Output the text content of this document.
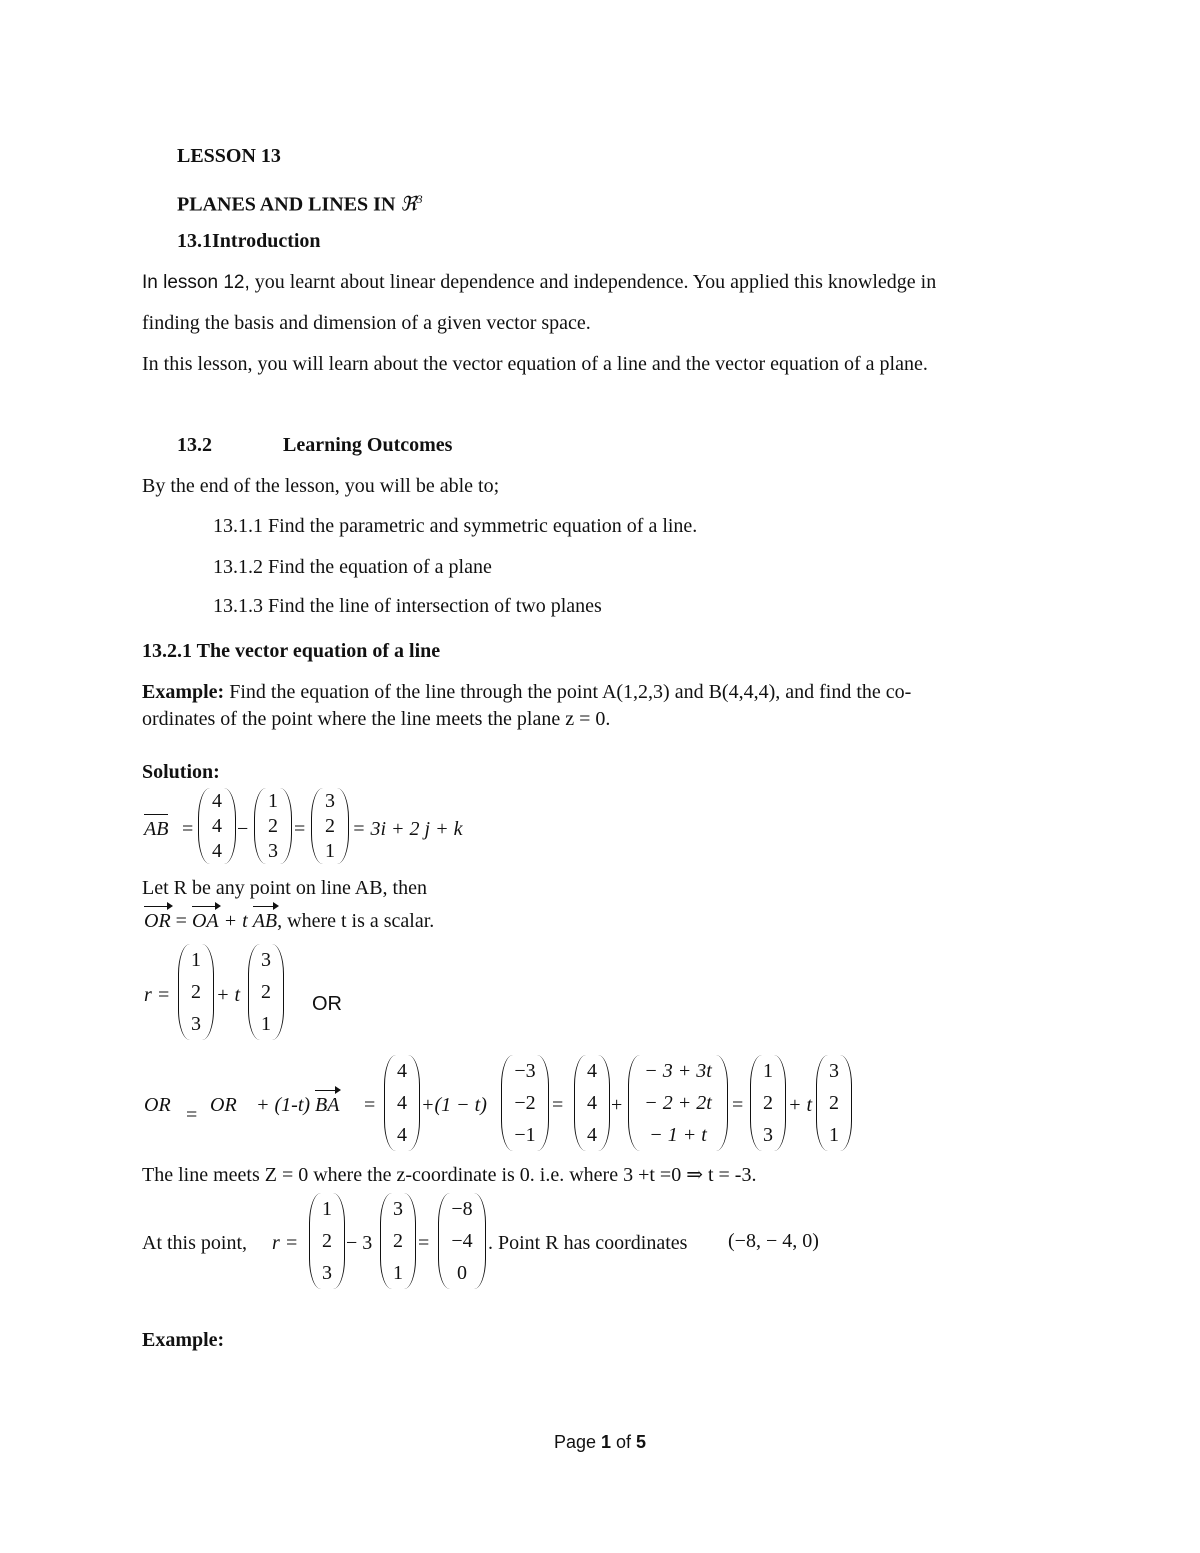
LESSON 13
PLANES AND LINES IN ℜ$^3$
13.1Introduction
In lesson 12, you learnt about linear dependence and independence. You applied this knowledge in
finding the basis and dimension of a given vector space.
In this lesson, you will learn about the vector equation of a line and the vector equation of a plane.
13.2	Learning Outcomes
By the end of the lesson, you will be able to;
13.1.1 Find the parametric and symmetric equation of a line.
13.1.2 Find the equation of a plane
13.1.3 Find the line of intersection of two planes
13.2.1 The vector equation of a line
Example: Find the equation of the line through the point A(1,2,3) and B(4,4,4), and find the co-
ordinates of the point where the line meets the plane z = 0.
Solution:
AB =
4
4
4
−
1
2
3
=
3
2
1
= 3i + 2 j + k
Let R be any point on line AB, then
OR = OA + t AB, where t is a scalar.
r =
1
2
3
+ t
3
2
1
OR
OR = OR + (1-t) BA =
4
4
4
+(1 − t)
−3
−2
−1
=
4
4
4
+
− 3 + 3t
− 2 + 2t
− 1 + t
=
1
2
3
+ t
3
2
1
The line meets Z = 0 where the z-coordinate is 0. i.e. where 3 +t =0 ⇒ t = -3.
At this point, r =
1
2
3
− 3
3
2
1
=
−8
−4
0
. Point R has coordinates (−8, − 4, 0)
Example:
Page 1 of 5
